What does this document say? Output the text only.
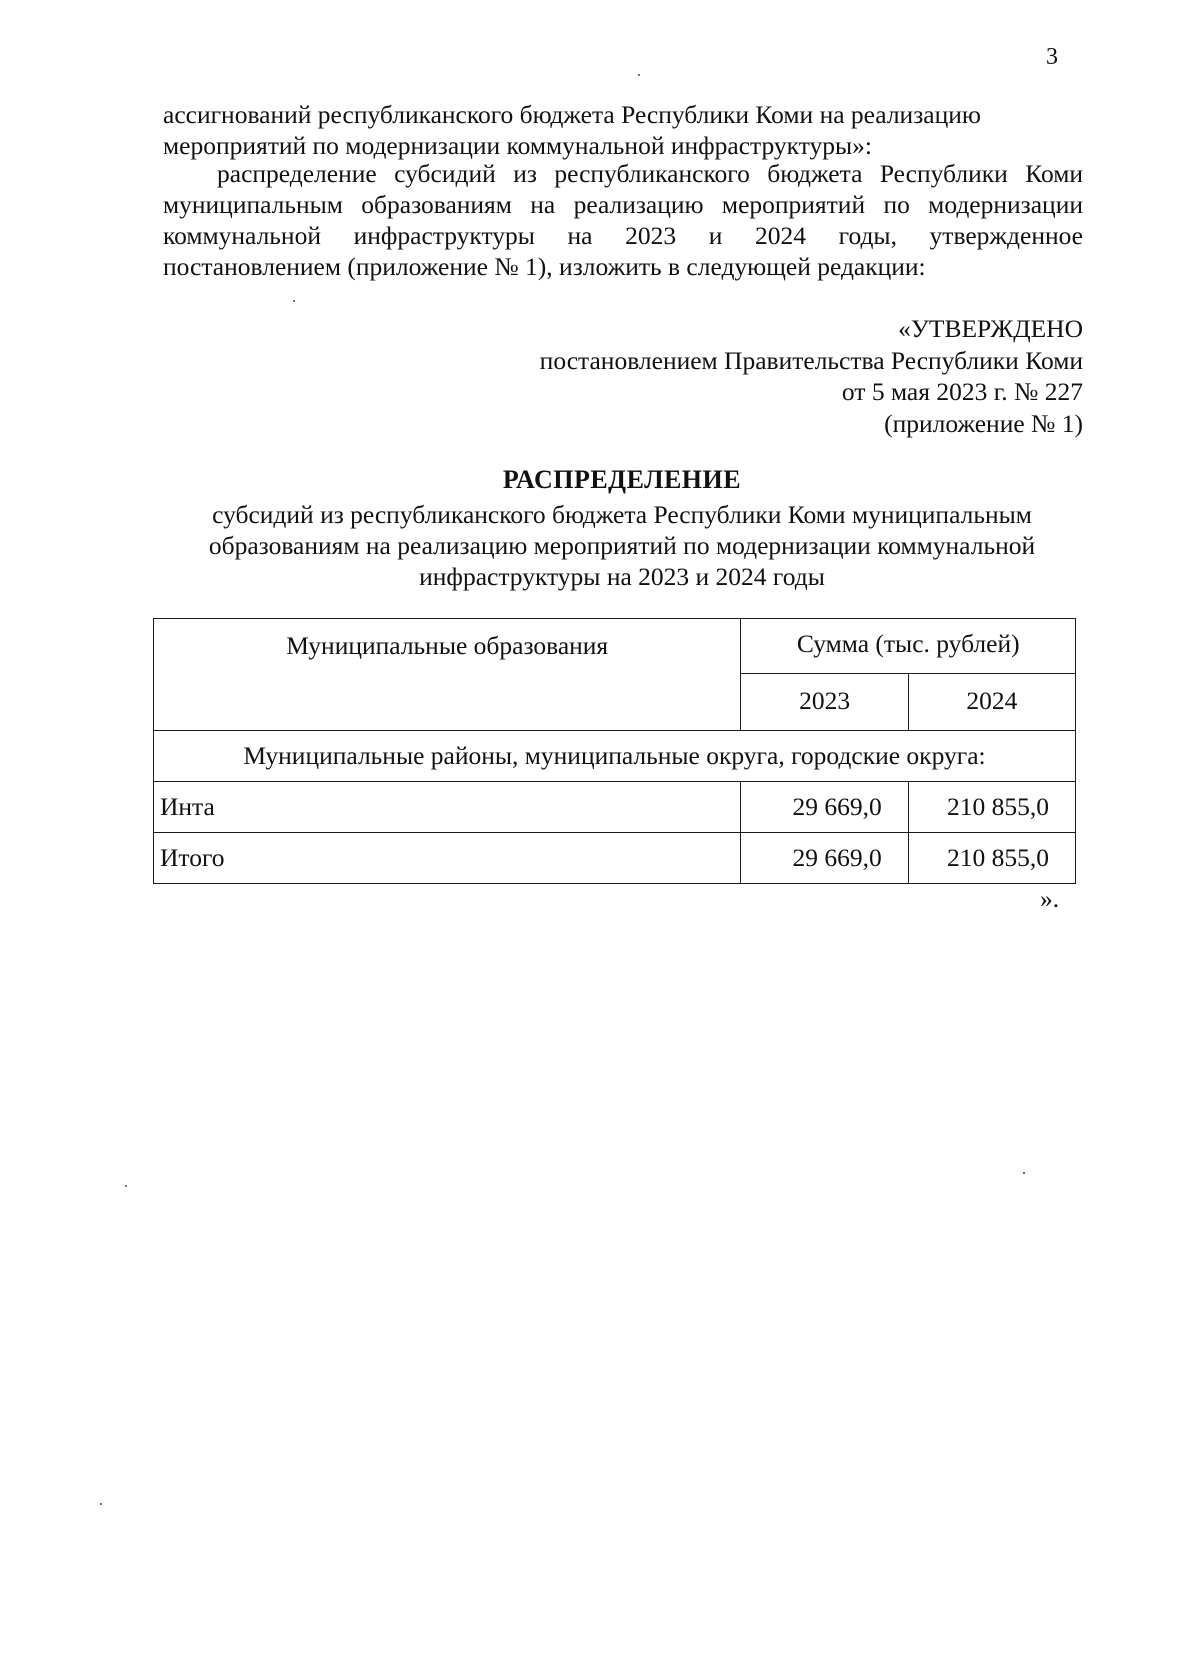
3

ассигнований республиканского бюджета Республики Коми на реализацию мероприятий по модернизации коммунальной инфраструктуры»:

распределение субсидий из республиканского бюджета Республики Коми муниципальным образованиям на реализацию мероприятий по модернизации коммунальной инфраструктуры на 2023 и 2024 годы, утвержденное постановлением (приложение № 1), изложить в следующей редакции:

«УТВЕРЖДЕНО
постановлением Правительства Республики Коми
от 5 мая 2023 г. № 227
(приложение № 1)
РАСПРЕДЕЛЕНИЕ
субсидий из республиканского бюджета Республики Коми муниципальным образованиям на реализацию мероприятий по модернизации коммунальной инфраструктуры на 2023 и 2024 годы
Муниципальные образования	Сумма (тыс. рублей)	
	2023	2024
Муниципальные районы, муниципальные округа, городские округа:		
Инта	29 669,0	210 855,0
Итого	29 669,0	210 855,0
».
